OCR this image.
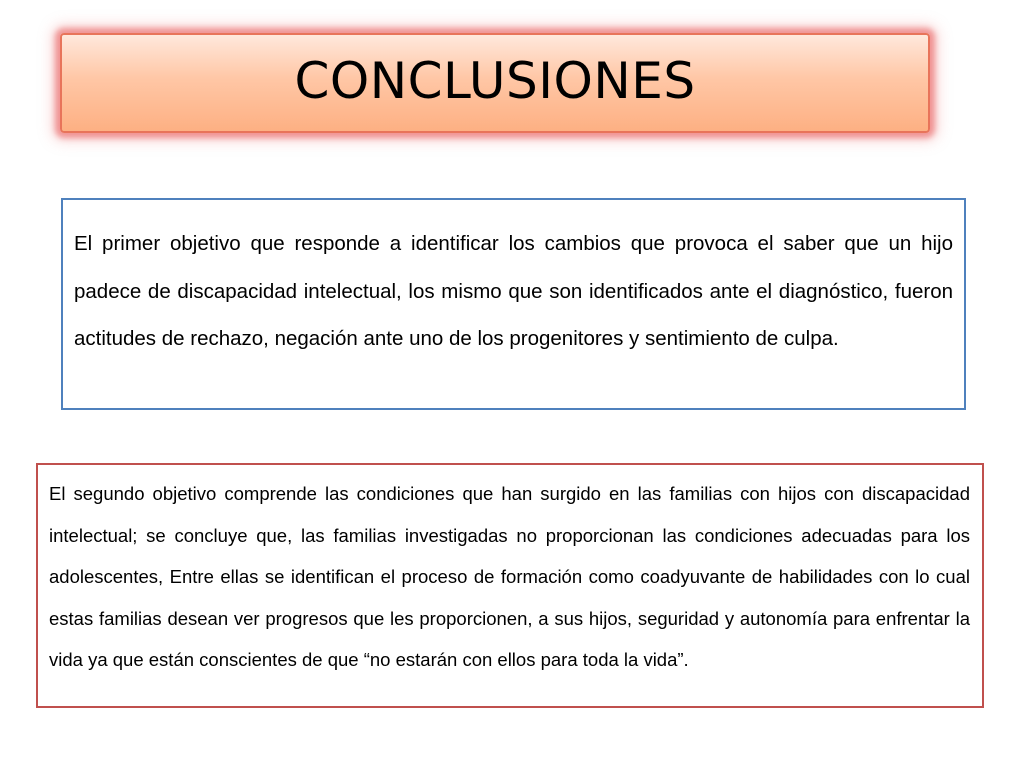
CONCLUSIONES

El primer objetivo que responde a identificar los cambios que provoca el saber que un hijo padece de discapacidad intelectual, los mismo que son identificados ante el diagnóstico, fueron actitudes de rechazo, negación ante uno de los progenitores y sentimiento de culpa.

El segundo objetivo comprende las condiciones que han surgido en las familias con hijos con discapacidad intelectual; se concluye que, las familias investigadas no proporcionan las condiciones adecuadas para los adolescentes, Entre ellas se identifican el proceso de formación como coadyuvante de habilidades con lo cual estas familias desean ver progresos que les proporcionen, a sus hijos, seguridad y autonomía para enfrentar la vida ya que están conscientes de que “no estarán con ellos para toda la vida”.
